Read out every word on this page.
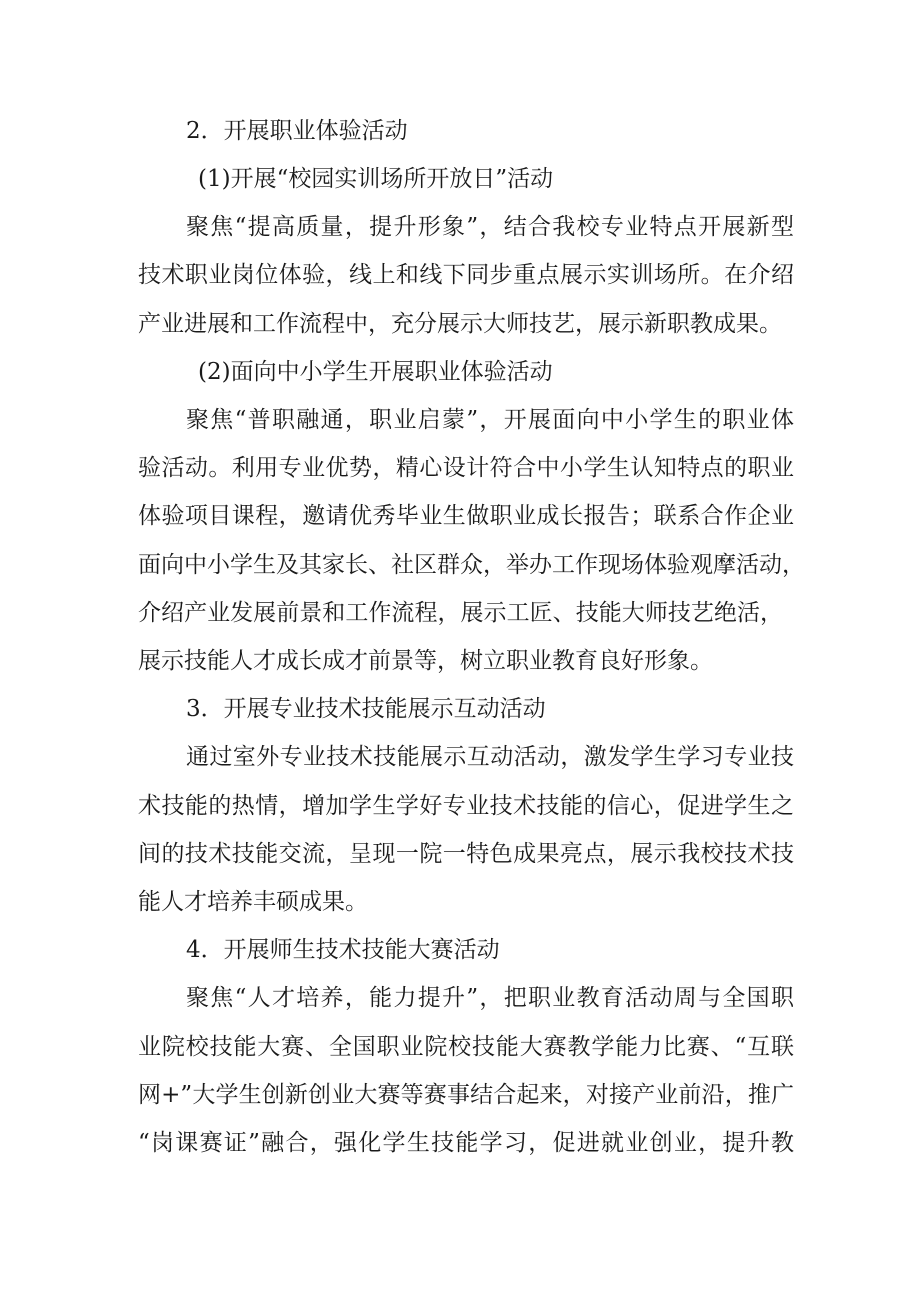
2．开展职业体验活动
(1)开展“校园实训场所开放日”活动
聚焦“提高质量，提升形象”，结合我校专业特点开展新型
技术职业岗位体验，线上和线下同步重点展示实训场所。在介绍
产业进展和工作流程中，充分展示大师技艺，展示新职教成果。
(2)面向中小学生开展职业体验活动
聚焦“普职融通，职业启蒙”，开展面向中小学生的职业体
验活动。利用专业优势，精心设计符合中小学生认知特点的职业
体验项目课程，邀请优秀毕业生做职业成长报告；联系合作企业
面向中小学生及其家长、社区群众，举办工作现场体验观摩活动，
介绍产业发展前景和工作流程，展示工匠、技能大师技艺绝活，
展示技能人才成长成才前景等，树立职业教育良好形象。
3．开展专业技术技能展示互动活动
通过室外专业技术技能展示互动活动，激发学生学习专业技
术技能的热情，增加学生学好专业技术技能的信心，促进学生之
间的技术技能交流，呈现一院一特色成果亮点，展示我校技术技
能人才培养丰硕成果。
4．开展师生技术技能大赛活动
聚焦“人才培养，能力提升”，把职业教育活动周与全国职
业院校技能大赛、全国职业院校技能大赛教学能力比赛、“互联
网+”大学生创新创业大赛等赛事结合起来，对接产业前沿，推广
“岗课赛证”融合，强化学生技能学习，促进就业创业，提升教
